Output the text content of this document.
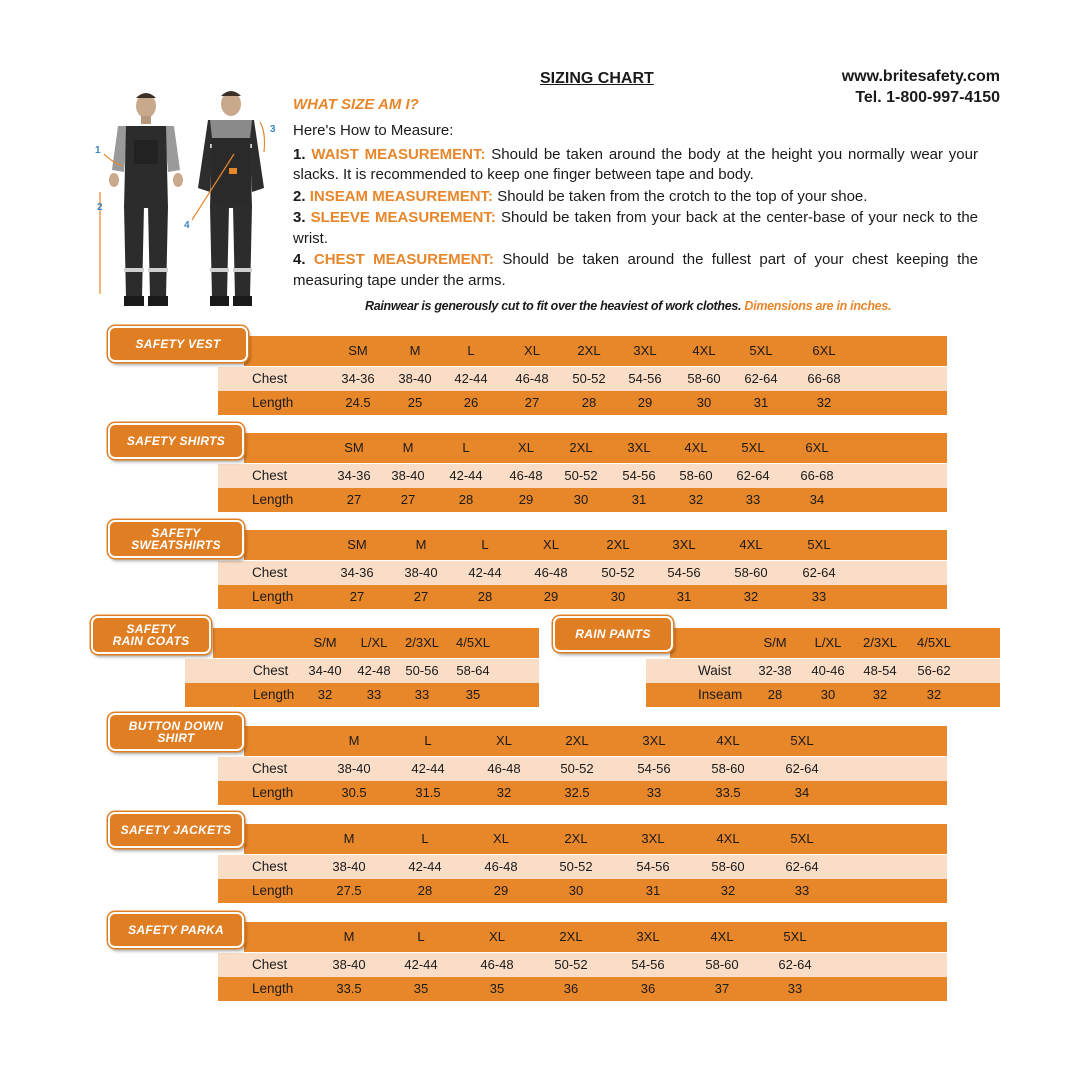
SIZING CHART	www.britesafety.com
Tel. 1-800-997-4150
1
2
3
4
WHAT SIZE AM I?

Here's How to Measure:

1. WAIST MEASUREMENT: Should be taken around the body at the height you normally wear your slacks. It is recommended to keep one finger between tape and body.

2. INSEAM MEASUREMENT: Should be taken from the crotch to the top of your shoe.

3. SLEEVE MEASUREMENT: Should be taken from your back at the center-base of your neck to the wrist.

4. CHEST MEASUREMENT: Should be taken around the fullest part of your chest keeping the measuring tape under the arms.

Rainwear is generously cut to fit over the heaviest of work clothes. Dimensions are in inches.
SM	M	L	XL	2XL	3XL	4XL	5XL	6XL
Chest	34-36 38-40 42-44 46-48 50-52 54-56 58-60 62-64 66-68
Length	24.5	25	26	27	28	29	30	31	32
SAFETY VEST
SM	M	L	XL	2XL	3XL	4XL	5XL	6XL
Chest	34-36 38-40 42-44 46-48 50-52 54-56 58-60 62-64 66-68
Length	27	27	28	29	30	31	32	33	34
SAFETY SHIRTS
SM	M	L	XL	2XL	3XL	4XL	5XL
Chest	34-36 38-40 42-44	46-48	50-52	54-56	58-60	62-64
Length	27	27	28	29	30	31	32	33
SAFETY
SWEATSHIRTS
S/M L/XL 2/3XL 4/5XL
Chest 34-40 42-48 50-56 58-64
Length 32	33	33	35
SAFETY
RAIN COATS	S/M L/XL 2/3XL 4/5XL
Waist 32-38 40-46 48-54 56-62
Inseam 28	30	32	32
RAIN PANTS
M	L	XL	2XL	3XL	4XL	5XL
Chest	38-40	42-44	46-48	50-52	54-56	58-60	62-64
Length	30.5	31.5	32	32.5	33	33.5	34
BUTTON DOWN
SHIRT
M	L	XL	2XL	3XL	4XL	5XL
Chest	38-40	42-44	46-48	50-52	54-56	58-60	62-64
Length	27.5	28	29	30	31	32	33
SAFETY JACKETS
M	L	XL	2XL	3XL	4XL	5XL
Chest	38-40	42-44	46-48	50-52	54-56	58-60	62-64
Length	33.5	35	35	36	36	37	33
SAFETY PARKA
